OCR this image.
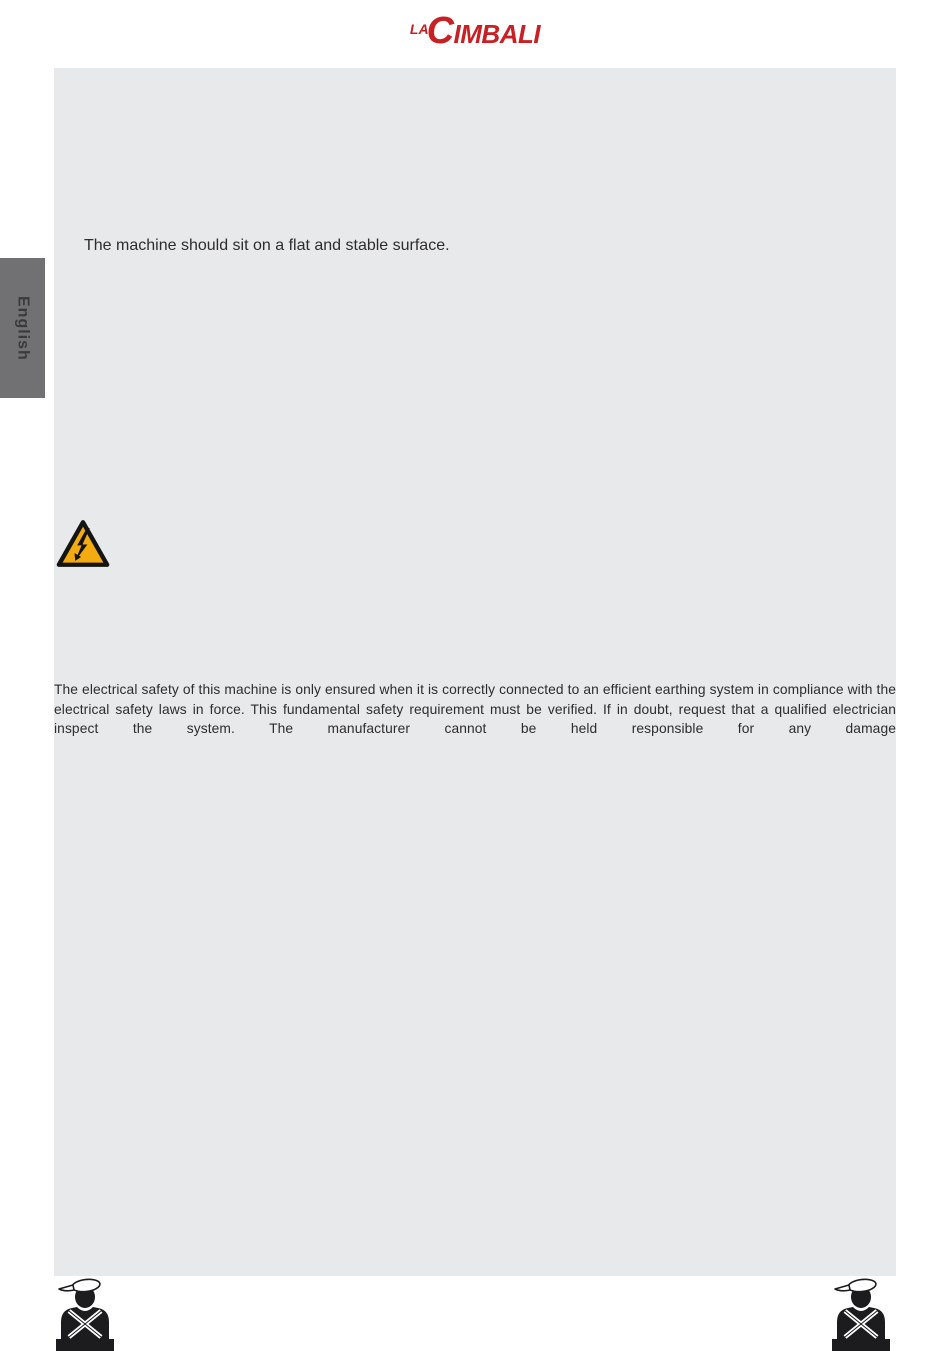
LACIMBALI
English
The machine should sit on a flat and stable surface.
The electrical safety of this machine is only ensured when it is correctly connected to an efficient earthing system in compliance with the electrical safety laws in force. This fundamental safety requirement must be verified. If in doubt, request that a qualified electrician inspect the system. The manufacturer cannot be held responsible for any damage
